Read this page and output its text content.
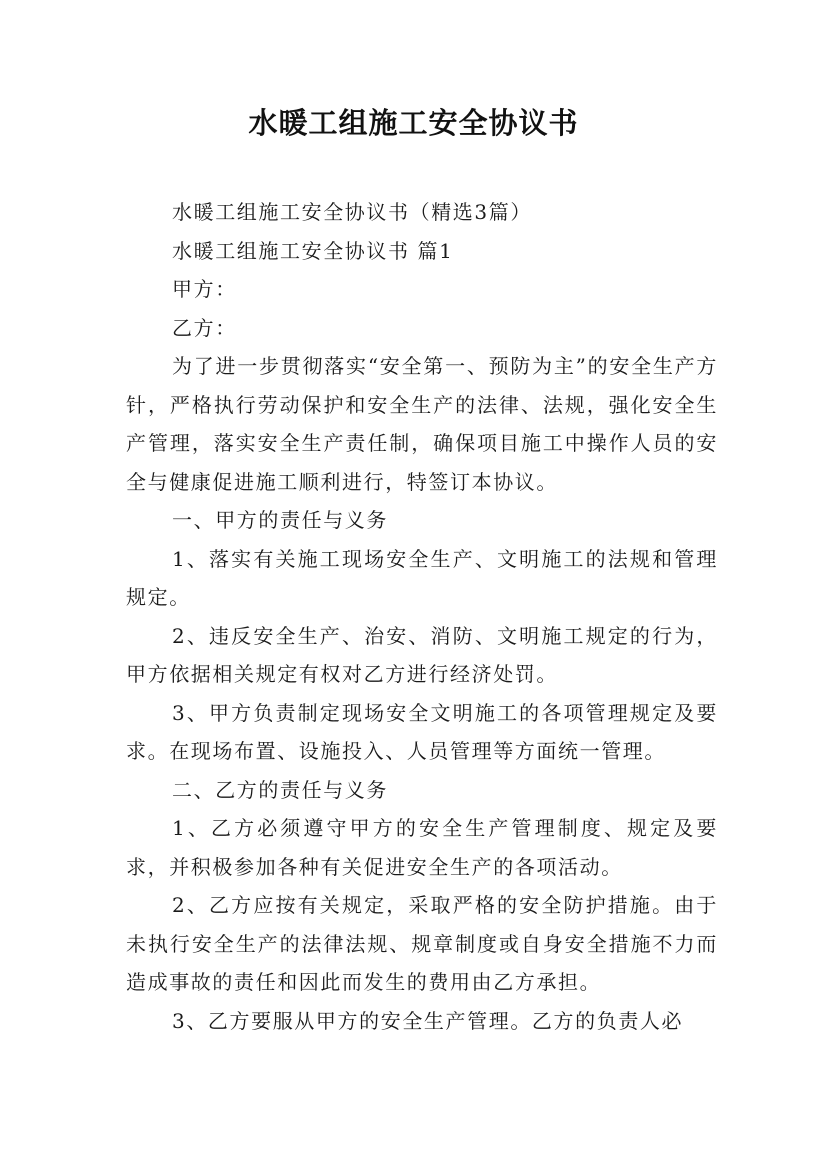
水暖工组施工安全协议书

水暖工组施工安全协议书（精选3篇）

水暖工组施工安全协议书 篇1

甲方：

乙方：

为了进一步贯彻落实“安全第一、预防为主”的安全生产方针，严格执行劳动保护和安全生产的法律、法规，强化安全生产管理，落实安全生产责任制，确保项目施工中操作人员的安全与健康促进施工顺利进行，特签订本协议。

一、甲方的责任与义务

1、落实有关施工现场安全生产、文明施工的法规和管理规定。

2、违反安全生产、治安、消防、文明施工规定的行为，甲方依据相关规定有权对乙方进行经济处罚。

3、甲方负责制定现场安全文明施工的各项管理规定及要求。在现场布置、设施投入、人员管理等方面统一管理。

二、乙方的责任与义务

1、乙方必须遵守甲方的安全生产管理制度、规定及要求，并积极参加各种有关促进安全生产的各项活动。

2、乙方应按有关规定，采取严格的安全防护措施。由于未执行安全生产的法律法规、规章制度或自身安全措施不力而造成事故的责任和因此而发生的费用由乙方承担。

3、乙方要服从甲方的安全生产管理。乙方的负责人必
